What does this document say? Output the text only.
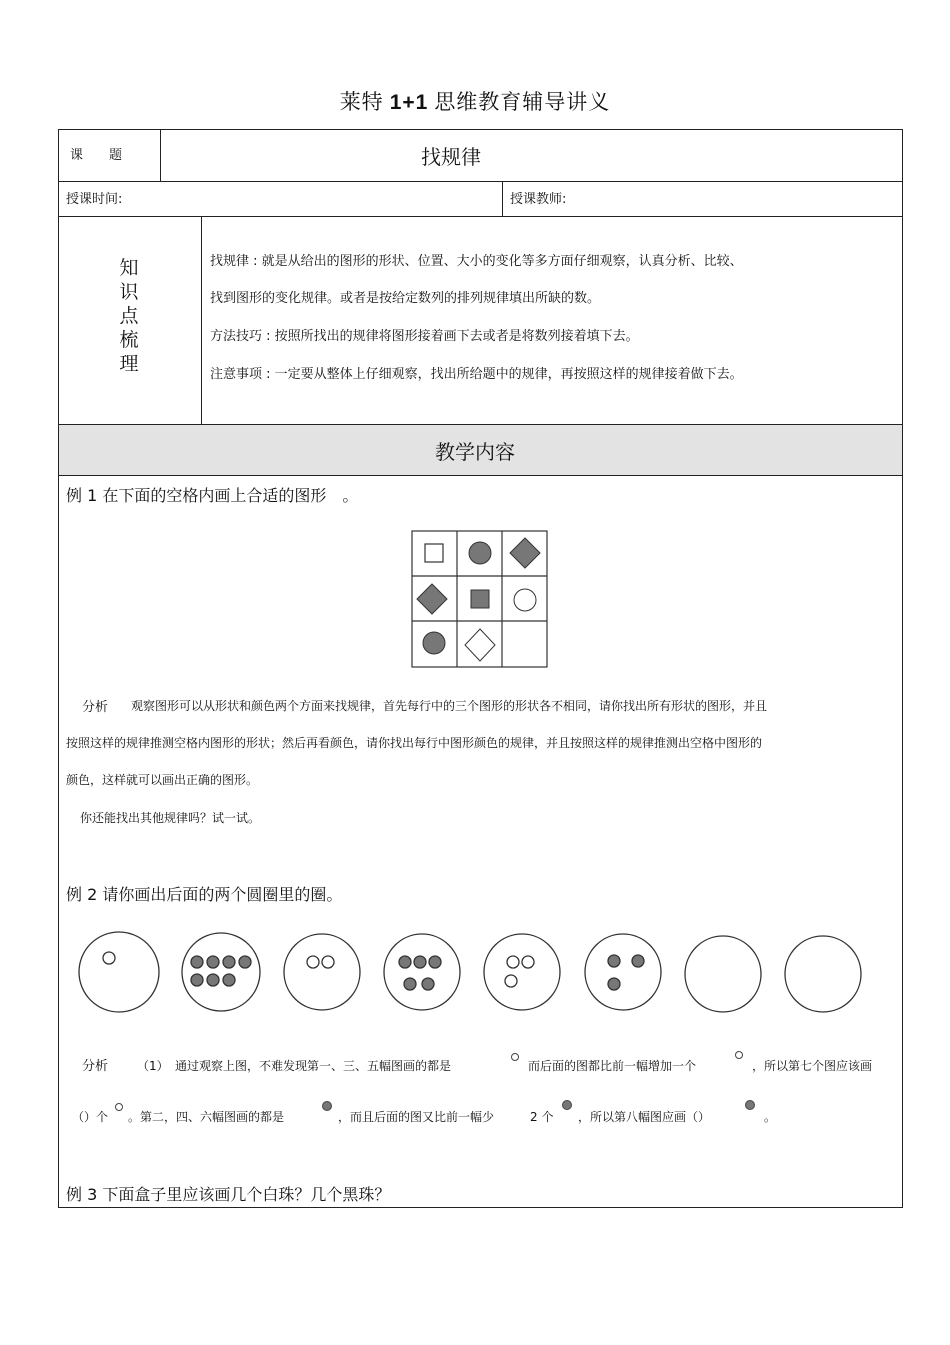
莱特 1+1 思维教育辅导讲义
课　　题	找规律
授课时间:	授课教师:
知识点梳理
找规律 : 就是从给出的图形的形状、位置、大小的变化等多方面仔细观察，认真分析、比较、
找到图形的变化规律。或者是按给定数列的排列规律填出所缺的数。
方法技巧 : 按照所找出的规律将图形接着画下去或者是将数列接着填下去。
注意事项 : 一定要从整体上仔细观察，找出所给题中的规律，再按照这样的规律接着做下去。
教学内容
例 1 在下面的空格内画上合适的图形　。
分析 观察图形可以从形状和颜色两个方面来找规律，首先每行中的三个图形的形状各不相同，请你找出所有形状的图形，并且
按照这样的规律推测空格内图形的形状；然后再看颜色，请你找出每行中图形颜色的规律，并且按照这样的规律推测出空格中图形的
颜色，这样就可以画出正确的图形。
你还能找出其他规律吗？试一试。
例 2 请你画出后面的两个圆圈里的圈。
分析 （1） 通过观察上图，不难发现第一、三、五幅图画的都是	而后面的图都比前一幅增加一个	，所以第七个图应该画
（）个 。第二，四、六幅图画的都是	，而且后面的图又比前一幅少	2 个 ，所以第八幅图应画（）	。
例 3 下面盒子里应该画几个白珠？几个黑珠？
